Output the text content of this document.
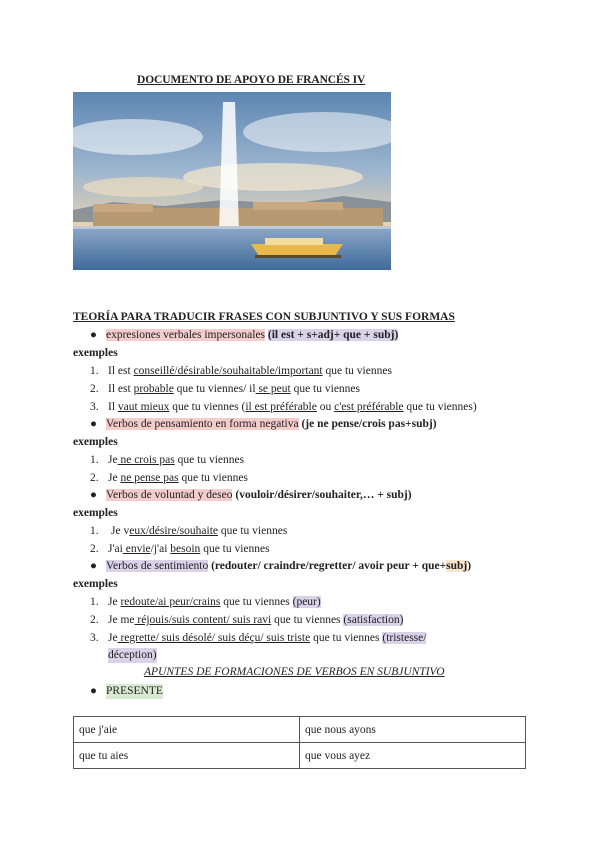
DOCUMENTO DE APOYO DE FRANCÉS IV
TEORÍA PARA TRADUCIR FRASES CON SUBJUNTIVO Y SUS FORMAS
● expresiones verbales impersonales (il est + s+adj+ que + subj)
exemples
1. Il est conseillé/désirable/souhaitable/important que tu viennes
2. Il est probable que tu viennes/ il se peut que tu viennes
3. Il vaut mieux que tu viennes (il est préférable ou c'est préférable que tu viennes)
● Verbos de pensamiento en forma negativa (je ne pense/crois pas+subj)
exemples
1. Je ne crois pas que tu viennes
2. Je ne pense pas que tu viennes
● Verbos de voluntad y deseo (vouloir/désirer/souhaiter,… + subj)
exemples
1. Je veux/désire/souhaite que tu viennes
2. J'ai envie/j'ai besoin que tu viennes
● Verbos de sentimiento (redouter/ craindre/regretter/ avoir peur + que+subj)
exemples
1. Je redoute/ai peur/crains que tu viennes (peur)
2. Je me réjouis/suis content/ suis ravi que tu viennes (satisfaction)
3. Je regrette/ suis désolé/ suis déçu/ suis triste que tu viennes (tristesse/
déception)
APUNTES DE FORMACIONES DE VERBOS EN SUBJUNTIVO
● PRESENTE
que j'aie	que nous ayons
que tu aies	que vous ayez
